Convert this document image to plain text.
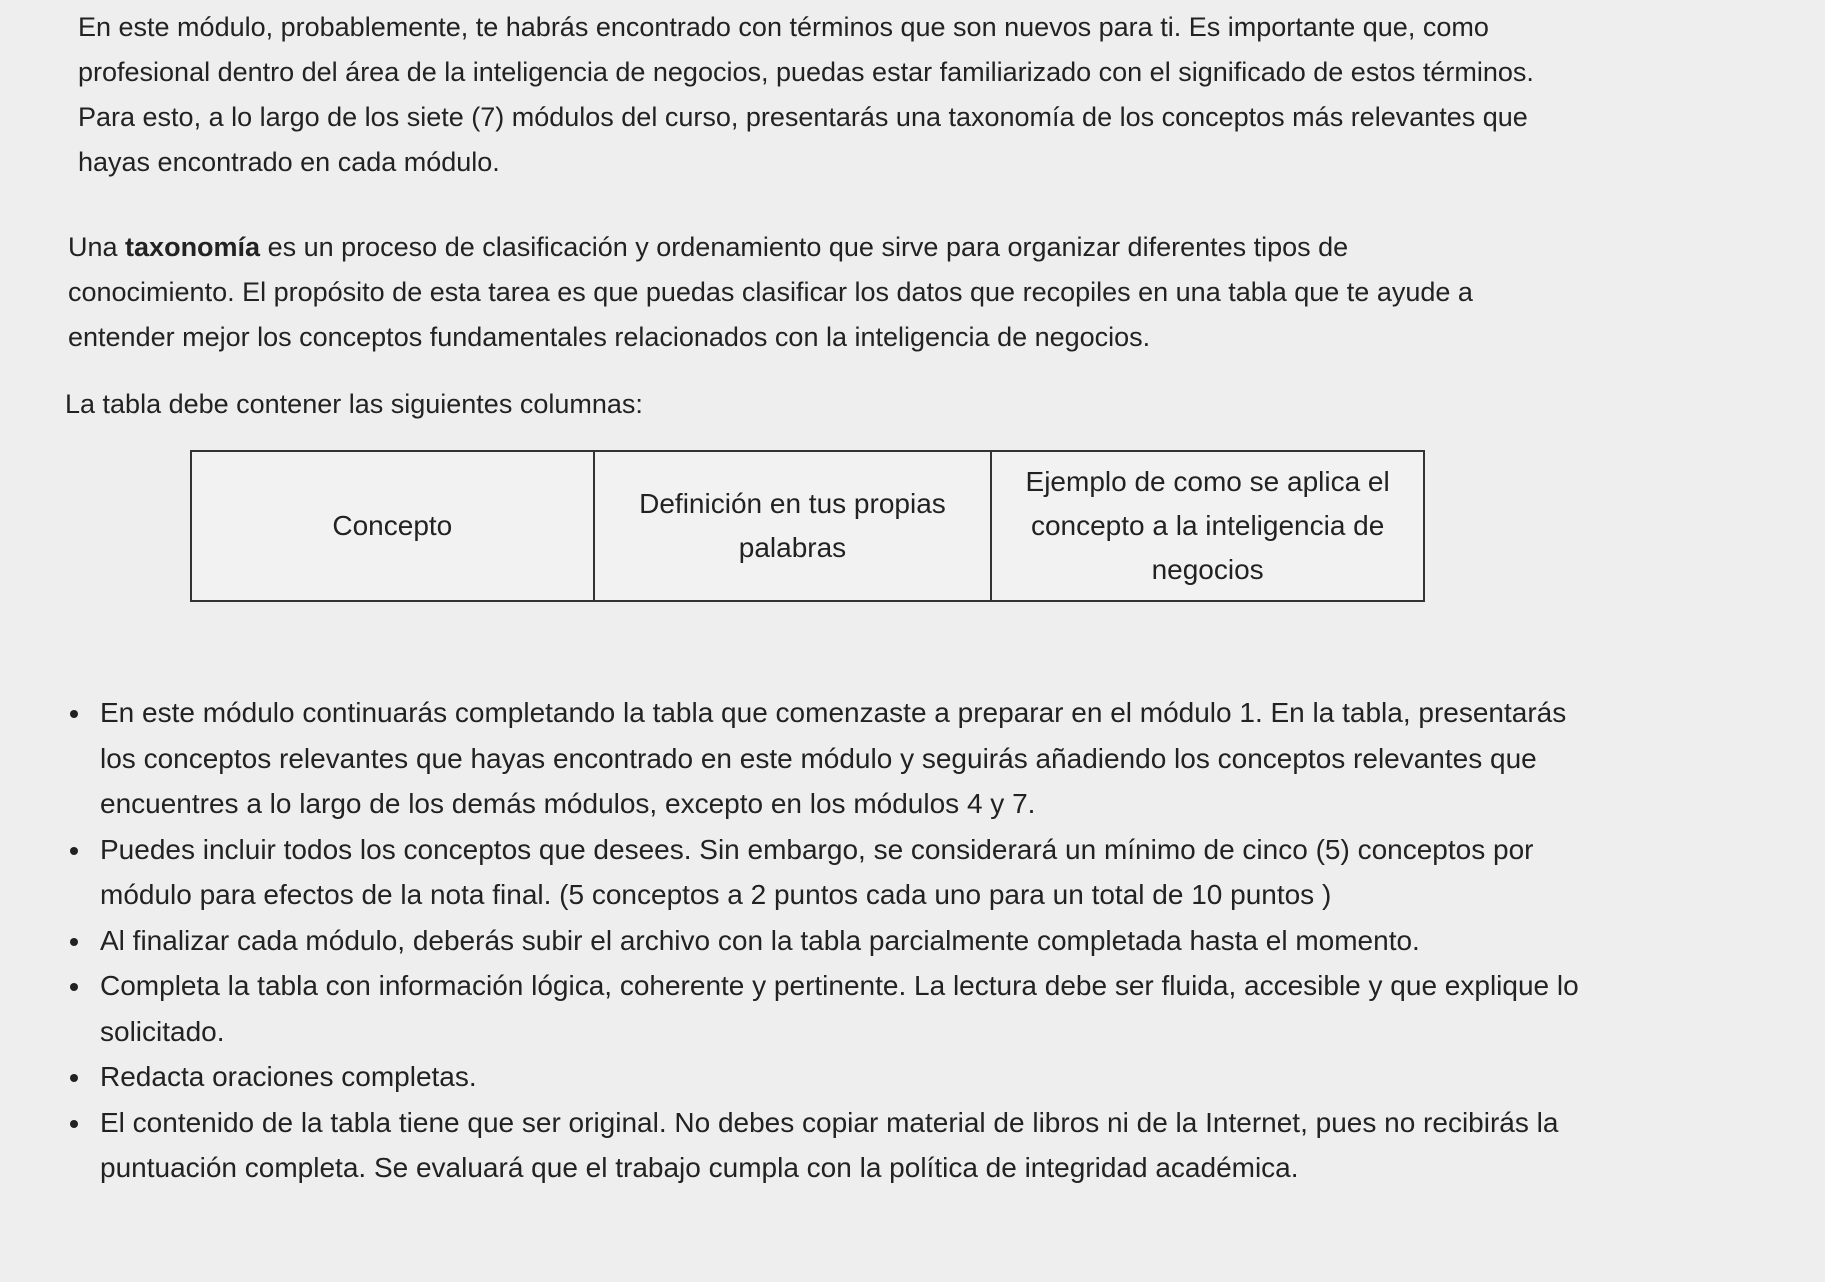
En este módulo, probablemente, te habrás encontrado con términos que son nuevos para ti. Es importante que, como profesional dentro del área de la inteligencia de negocios, puedas estar familiarizado con el significado de estos términos. Para esto, a lo largo de los siete (7) módulos del curso, presentarás una taxonomía de los conceptos más relevantes que hayas encontrado en cada módulo.

Una taxonomía es un proceso de clasificación y ordenamiento que sirve para organizar diferentes tipos de conocimiento. El propósito de esta tarea es que puedas clasificar los datos que recopiles en una tabla que te ayude a entender mejor los conceptos fundamentales relacionados con la inteligencia de negocios.

La tabla debe contener las siguientes columnas:

Concepto	Definición en tus propias palabras	Ejemplo de como se aplica el concepto a la inteligencia de negocios
En este módulo continuarás completando la tabla que comenzaste a preparar en el módulo 1. En la tabla, presentarás los conceptos relevantes que hayas encontrado en este módulo y seguirás añadiendo los conceptos relevantes que encuentres a lo largo de los demás módulos, excepto en los módulos 4 y 7.
Puedes incluir todos los conceptos que desees. Sin embargo, se considerará un mínimo de cinco (5) conceptos por módulo para efectos de la nota final. (5 conceptos a 2 puntos cada uno para un total de 10 puntos )
Al finalizar cada módulo, deberás subir el archivo con la tabla parcialmente completada hasta el momento.
Completa la tabla con información lógica, coherente y pertinente. La lectura debe ser fluida, accesible y que explique lo solicitado.
Redacta oraciones completas.
El contenido de la tabla tiene que ser original. No debes copiar material de libros ni de la Internet, pues no recibirás la puntuación completa. Se evaluará que el trabajo cumpla con la política de integridad académica.
